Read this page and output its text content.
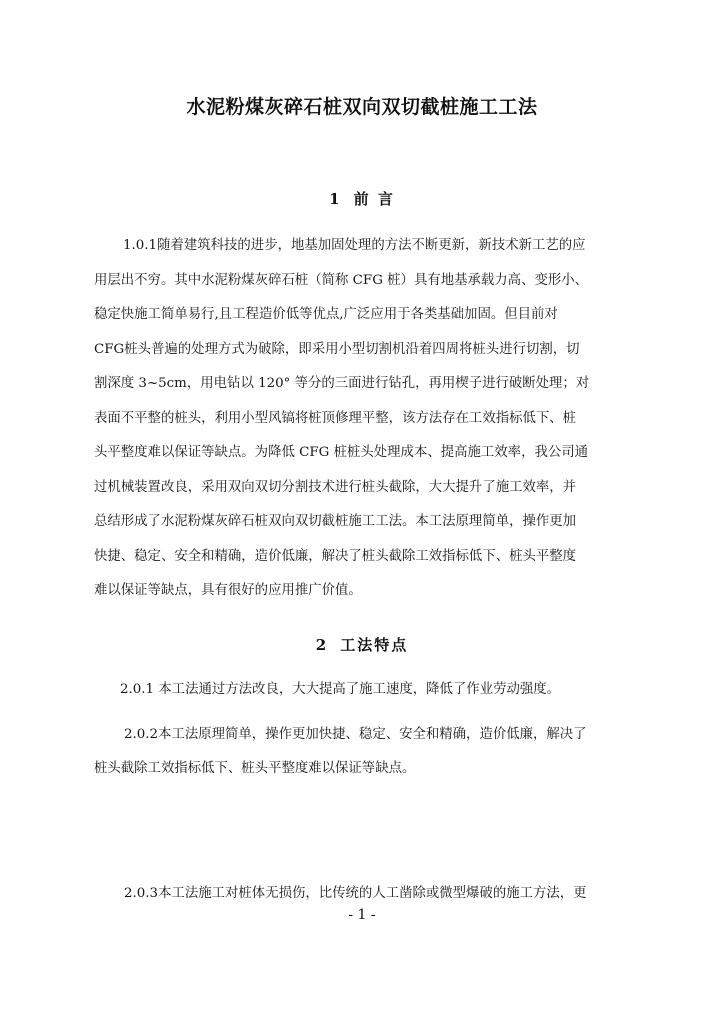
水泥粉煤灰碎石桩双向双切截桩施工工法
1 前 言
1.0.1随着建筑科技的进步，地基加固处理的方法不断更新，新技术新工艺的应
用层出不穷。其中水泥粉煤灰碎石桩（简称 CFG 桩）具有地基承载力高、变形小、
稳定快施工简单易行,且工程造价低等优点,广泛应用于各类基础加固。但目前对
CFG桩头普遍的处理方式为破除，即采用小型切割机沿着四周将桩头进行切割，切
割深度 3~5cm，用电钻以 120° 等分的三面进行钻孔，再用楔子进行破断处理；对
表面不平整的桩头，利用小型风镐将桩顶修理平整，该方法存在工效指标低下、桩
头平整度难以保证等缺点。为降低 CFG 桩桩头处理成本、提高施工效率，我公司通
过机械装置改良，采用双向双切分割技术进行桩头截除，大大提升了施工效率，并
总结形成了水泥粉煤灰碎石桩双向双切截桩施工工法。本工法原理简单，操作更加
快捷、稳定、安全和精确，造价低廉，解决了桩头截除工效指标低下、桩头平整度
难以保证等缺点，具有很好的应用推广价值。
2 工法特点
2.0.1 本工法通过方法改良，大大提高了施工速度，降低了作业劳动强度。
2.0.2本工法原理简单，操作更加快捷、稳定、安全和精确，造价低廉，解决了
桩头截除工效指标低下、桩头平整度难以保证等缺点。
2.0.3本工法施工对桩体无损伤，比传统的人工凿除或微型爆破的施工方法，更
- 1 -
